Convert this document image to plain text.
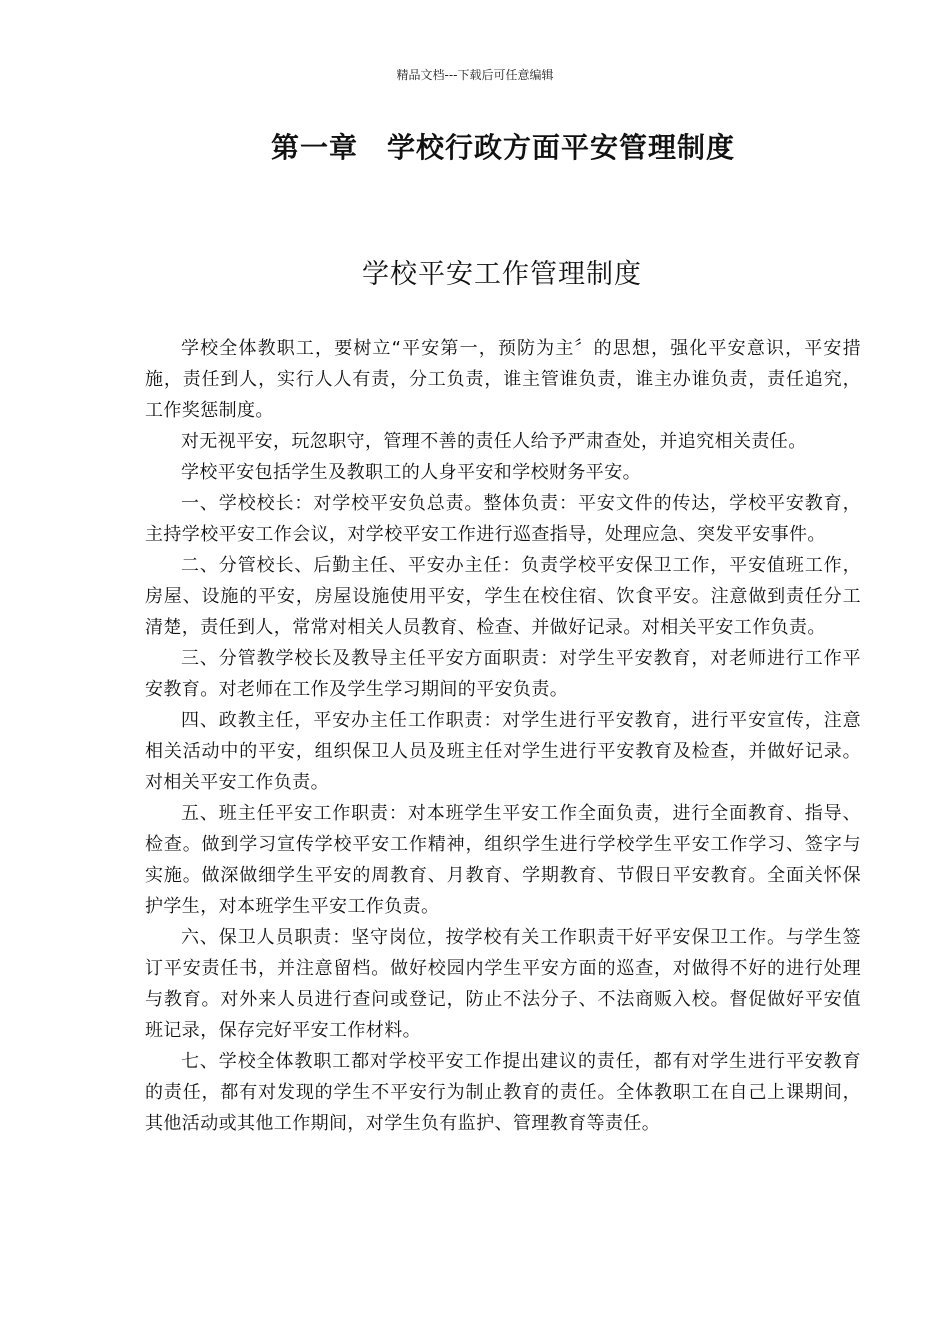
精品文档---下载后可任意编辑
第一章　学校行政方面平安管理制度
学校平安工作管理制度

学校全体教职工，要树立“平安第一，预防为主〞的思想，强化平安意识，平安措施，责任到人，实行人人有责，分工负责，谁主管谁负责，谁主办谁负责，责任追究，工作奖惩制度。

对无视平安，玩忽职守，管理不善的责任人给予严肃查处，并追究相关责任。

学校平安包括学生及教职工的人身平安和学校财务平安。

一、学校校长：对学校平安负总责。整体负责：平安文件的传达，学校平安教育，主持学校平安工作会议，对学校平安工作进行巡查指导，处理应急、突发平安事件。

二、分管校长、后勤主任、平安办主任：负责学校平安保卫工作，平安值班工作，房屋、设施的平安，房屋设施使用平安，学生在校住宿、饮食平安。注意做到责任分工清楚，责任到人，常常对相关人员教育、检查、并做好记录。对相关平安工作负责。

三、分管教学校长及教导主任平安方面职责：对学生平安教育，对老师进行工作平安教育。对老师在工作及学生学习期间的平安负责。

四、政教主任，平安办主任工作职责：对学生进行平安教育，进行平安宣传，注意相关活动中的平安，组织保卫人员及班主任对学生进行平安教育及检查，并做好记录。对相关平安工作负责。

五、班主任平安工作职责：对本班学生平安工作全面负责，进行全面教育、指导、检查。做到学习宣传学校平安工作精神，组织学生进行学校学生平安工作学习、签字与实施。做深做细学生平安的周教育、月教育、学期教育、节假日平安教育。全面关怀保护学生，对本班学生平安工作负责。

六、保卫人员职责：坚守岗位，按学校有关工作职责干好平安保卫工作。与学生签订平安责任书，并注意留档。做好校园内学生平安方面的巡查，对做得不好的进行处理与教育。对外来人员进行查问或登记，防止不法分子、不法商贩入校。督促做好平安值班记录，保存完好平安工作材料。

七、学校全体教职工都对学校平安工作提出建议的责任，都有对学生进行平安教育的责任，都有对发现的学生不平安行为制止教育的责任。全体教职工在自己上课期间，其他活动或其他工作期间，对学生负有监护、管理教育等责任。
